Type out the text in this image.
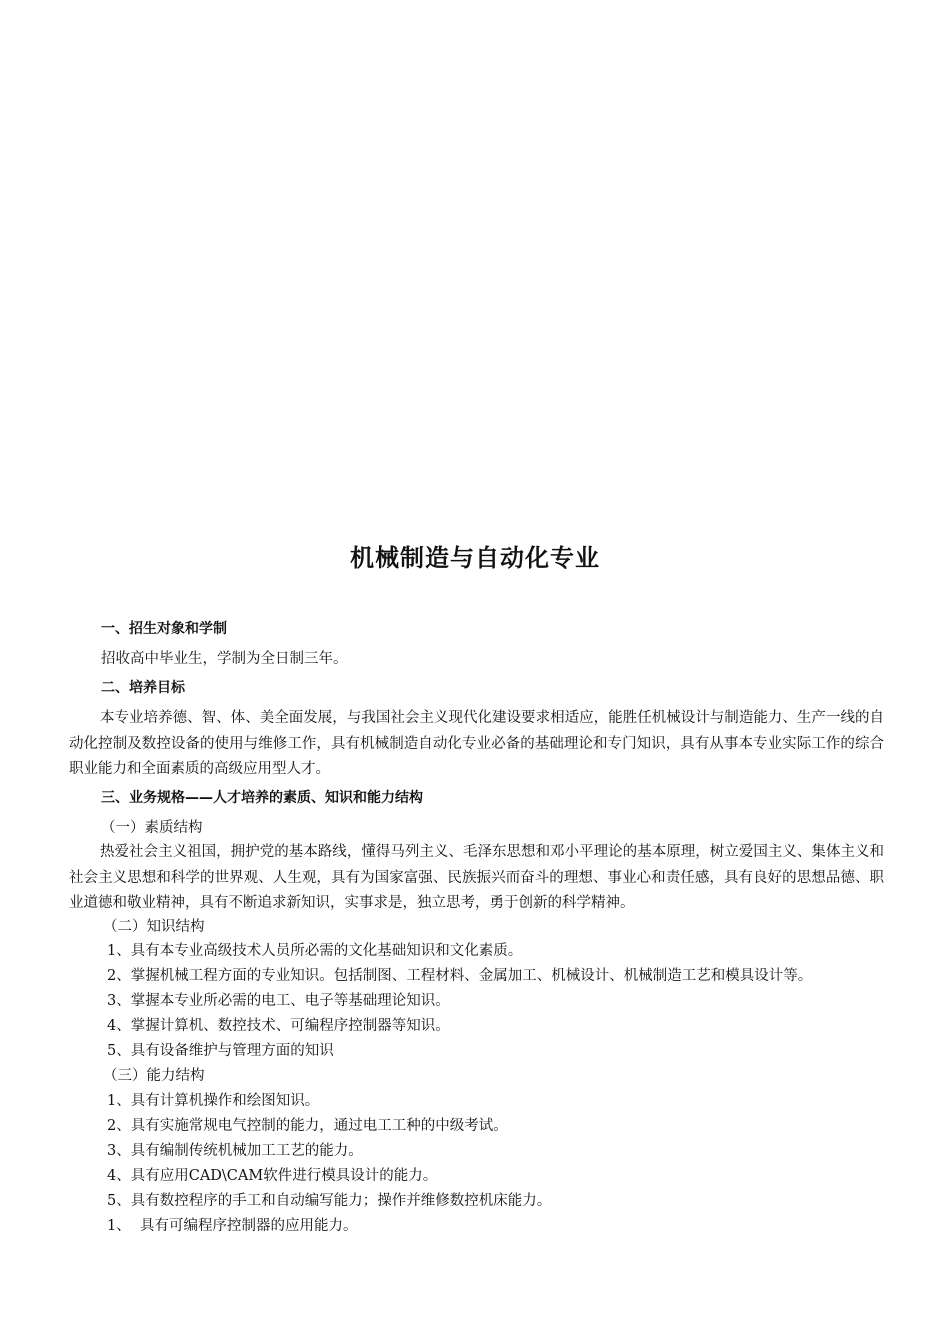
机械制造与自动化专业
一、招生对象和学制
招收高中毕业生，学制为全日制三年。
二、培养目标

本专业培养德、智、体、美全面发展，与我国社会主义现代化建设要求相适应，能胜任机械设计与制造能力、生产一线的自动化控制及数控设备的使用与维修工作，具有机械制造自动化专业必备的基础理论和专门知识，具有从事本专业实际工作的综合职业能力和全面素质的高级应用型人才。

三、业务规格——人才培养的素质、知识和能力结构
（一）素质结构

热爱社会主义祖国，拥护党的基本路线，懂得马列主义、毛泽东思想和邓小平理论的基本原理，树立爱国主义、集体主义和社会主义思想和科学的世界观、人生观，具有为国家富强、民族振兴而奋斗的理想、事业心和责任感，具有良好的思想品德、职业道德和敬业精神，具有不断追求新知识，实事求是，独立思考，勇于创新的科学精神。

（二）知识结构
1、具有本专业高级技术人员所必需的文化基础知识和文化素质。
2、掌握机械工程方面的专业知识。包括制图、工程材料、金属加工、机械设计、机械制造工艺和模具设计等。
3、掌握本专业所必需的电工、电子等基础理论知识。
4、掌握计算机、数控技术、可编程序控制器等知识。
5、具有设备维护与管理方面的知识
（三）能力结构
1、具有计算机操作和绘图知识。
2、具有实施常规电气控制的能力，通过电工工种的中级考试。
3、具有编制传统机械加工工艺的能力。
4、具有应用CAD\CAM软件进行模具设计的能力。
5、具有数控程序的手工和自动编写能力；操作并维修数控机床能力。
1、  具有可编程序控制器的应用能力。
